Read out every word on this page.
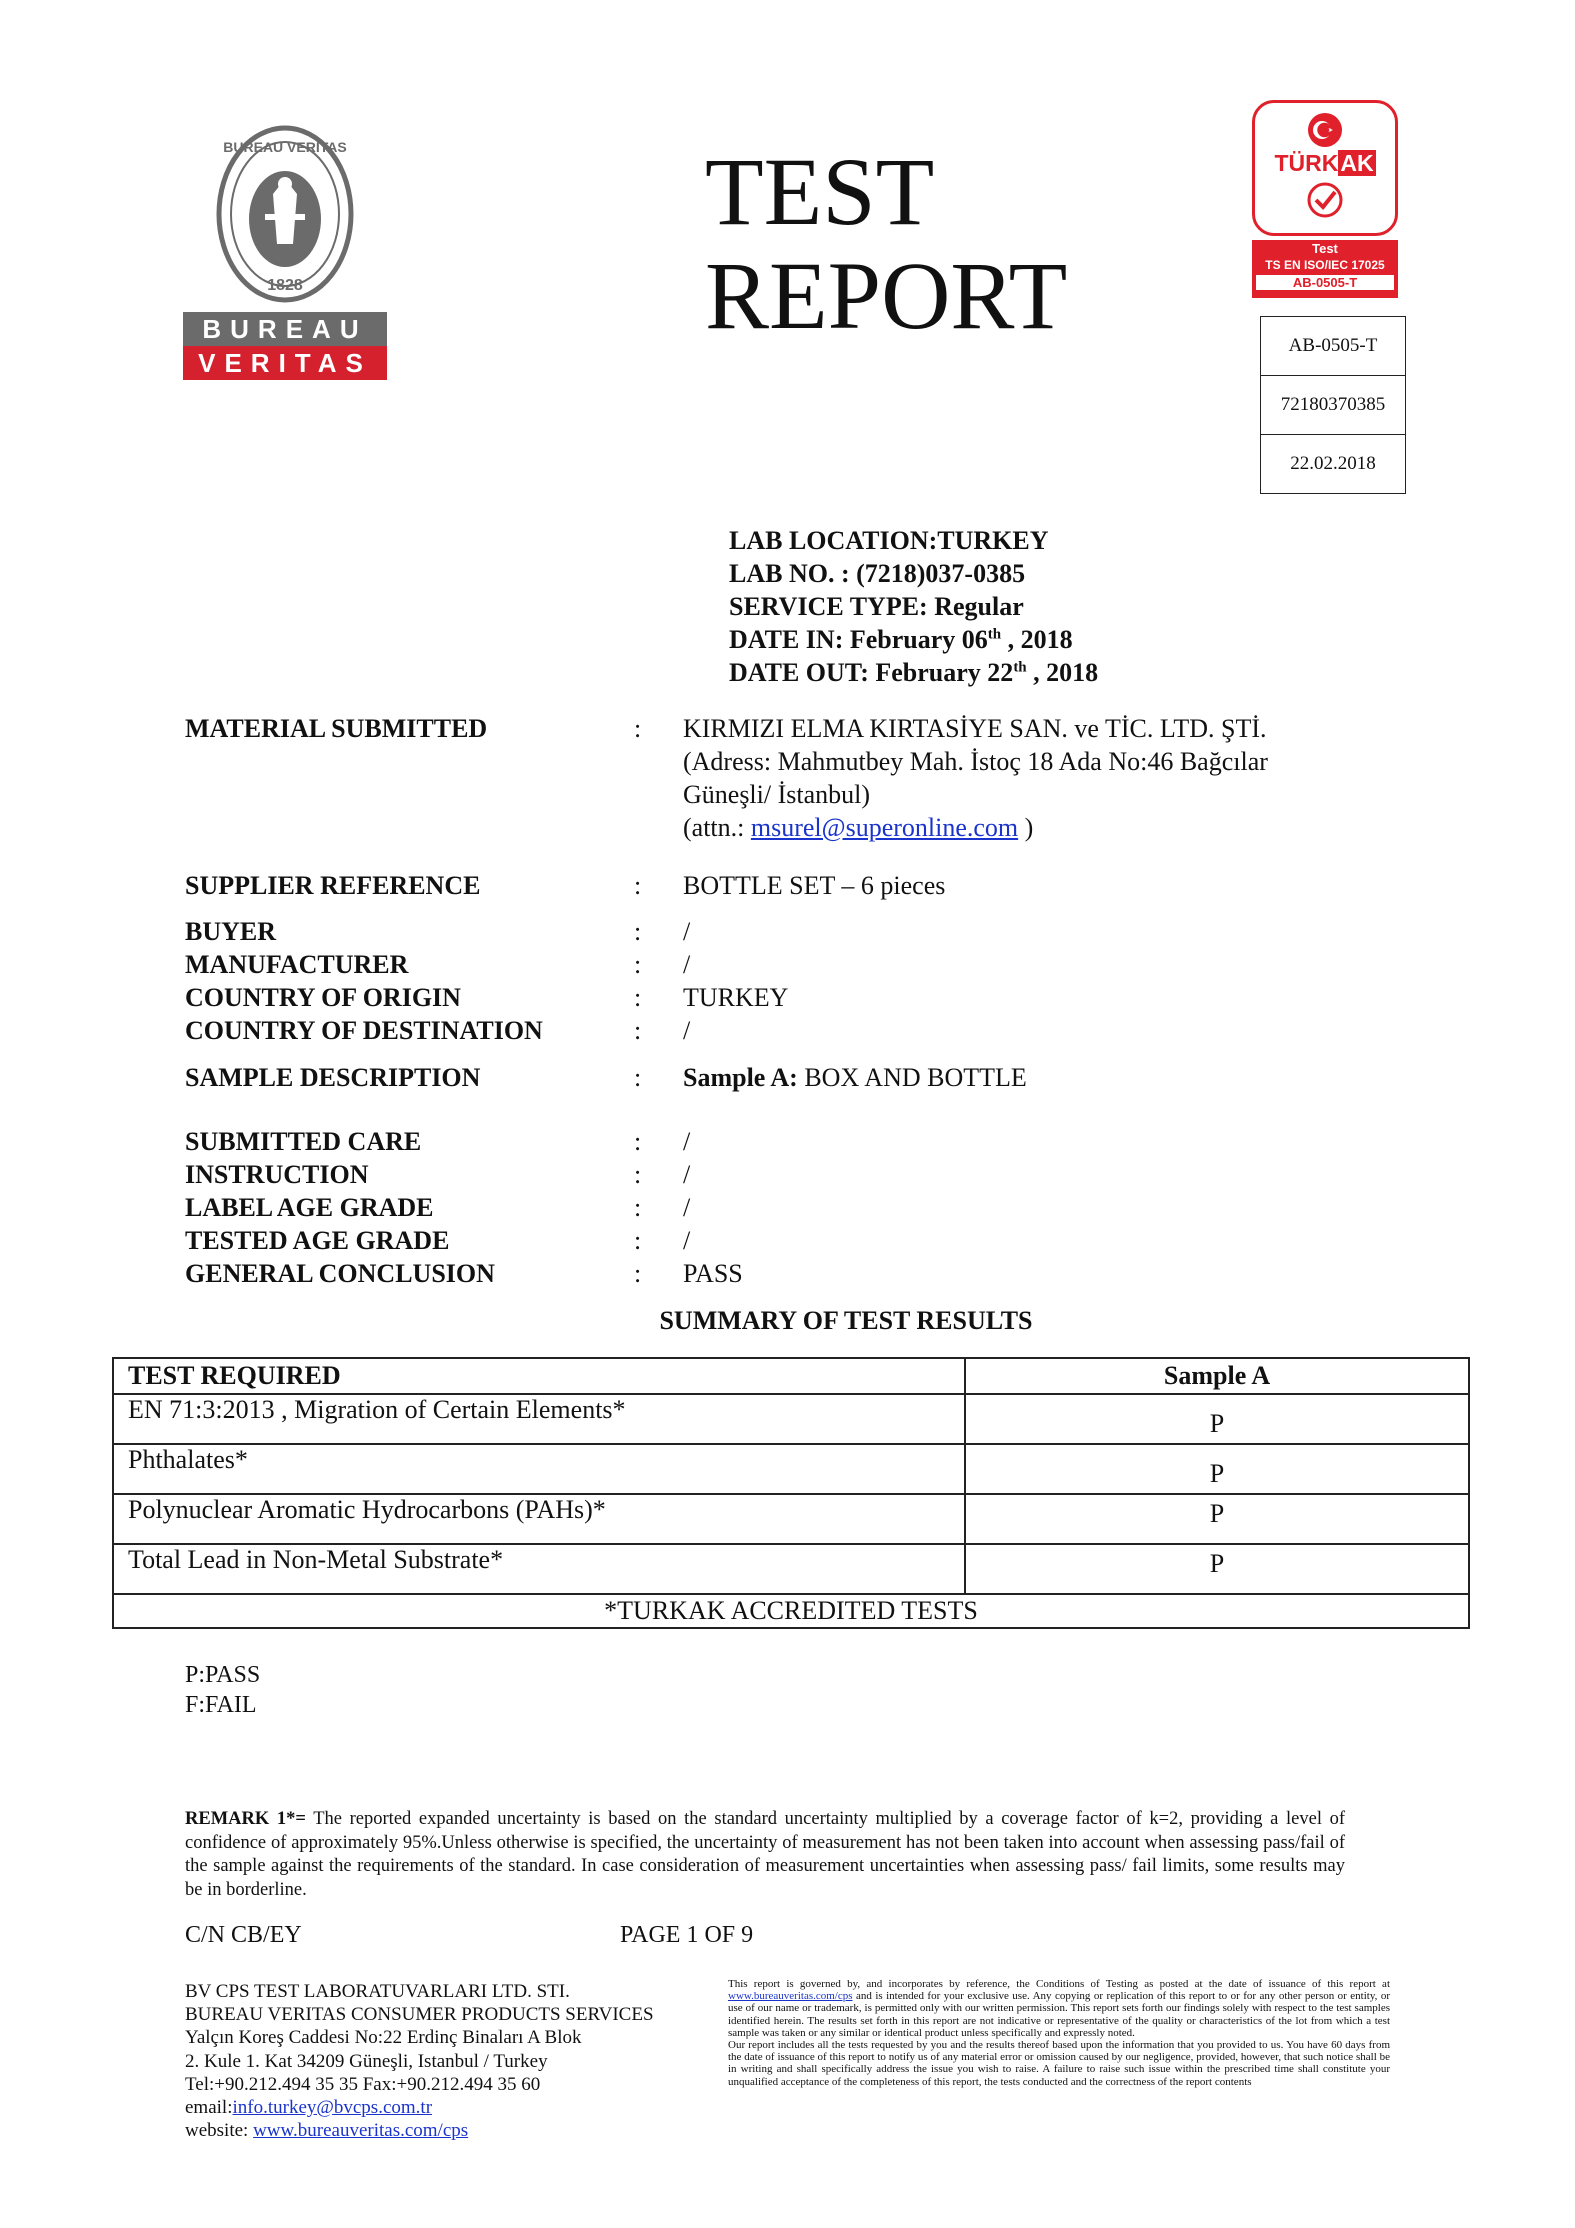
BUREAU VERITAS
1828
BUREAU
VERITAS
TEST
REPORT
TÜRKAK
Test
TS EN ISO/IEC 17025
AB-0505-T
AB-0505-T
72180370385
22.02.2018
LAB LOCATION:TURKEY
LAB NO. : (7218)037-0385
SERVICE TYPE: Regular
DATE IN: February 06th , 2018
DATE OUT: February 22th , 2018
MATERIAL SUBMITTED	: KIRMIZI ELMA KIRTASİYE SAN. ve TİC. LTD. ŞTİ.
(Adress: Mahmutbey Mah. İstoç 18 Ada No:46 Bağcılar
Güneşli/ İstanbul)
(attn.: msurel@superonline.com )
SUPPLIER REFERENCE	: BOTTLE SET – 6 pieces
BUYER	: /
MANUFACTURER	: /
COUNTRY OF ORIGIN	: TURKEY
COUNTRY OF DESTINATION	: /
SAMPLE DESCRIPTION	: Sample A: BOX AND BOTTLE
SUBMITTED CARE	: /
INSTRUCTION	: /
LABEL AGE GRADE	: /
TESTED AGE GRADE	: /
GENERAL CONCLUSION	: PASS
SUMMARY OF TEST RESULTS
TEST REQUIRED	Sample A
EN 71:3:2013 , Migration of Certain Elements*	P
Phthalates*	P
Polynuclear Aromatic Hydrocarbons (PAHs)*	P
Total Lead in Non-Metal Substrate*	P
*TURKAK ACCREDITED TESTS	
P:PASS
F:FAIL
REMARK 1*= The reported expanded uncertainty is based on the standard uncertainty multiplied by a coverage factor of k=2, providing a level of confidence of approximately 95%.Unless otherwise is specified, the uncertainty of measurement has not been taken into account when assessing pass/fail of the sample against the requirements of the standard. In case consideration of measurement uncertainties when assessing pass/ fail limits, some results may be in borderline.
C/N CB/EY	PAGE 1 OF 9
BV CPS TEST LABORATUVARLARI LTD. STI.
BUREAU VERITAS CONSUMER PRODUCTS SERVICES
Yalçın Koreş Caddesi No:22 Erdinç Binaları A Blok
2. Kule 1. Kat 34209 Güneşli, Istanbul / Turkey
Tel:+90.212.494 35 35 Fax:+90.212.494 35 60
email:info.turkey@bvcps.com.tr
website: www.bureauveritas.com/cps
This report is governed by, and incorporates by reference, the Conditions of Testing as posted at the date of issuance of this report at www.bureauveritas.com/cps and is intended for your exclusive use. Any copying or replication of this report to or for any other person or entity, or use of our name or trademark, is permitted only with our written permission. This report sets forth our findings solely with respect to the test samples identified herein. The results set forth in this report are not indicative or representative of the quality or characteristics of the lot from which a test sample was taken or any similar or identical product unless specifically and expressly noted.
Our report includes all the tests requested by you and the results thereof based upon the information that you provided to us. You have 60 days from the date of issuance of this report to notify us of any material error or omission caused by our negligence, provided, however, that such notice shall be in writing and shall specifically address the issue you wish to raise. A failure to raise such issue within the prescribed time shall constitute your unqualified acceptance of the completeness of this report, the tests conducted and the correctness of the report contents
